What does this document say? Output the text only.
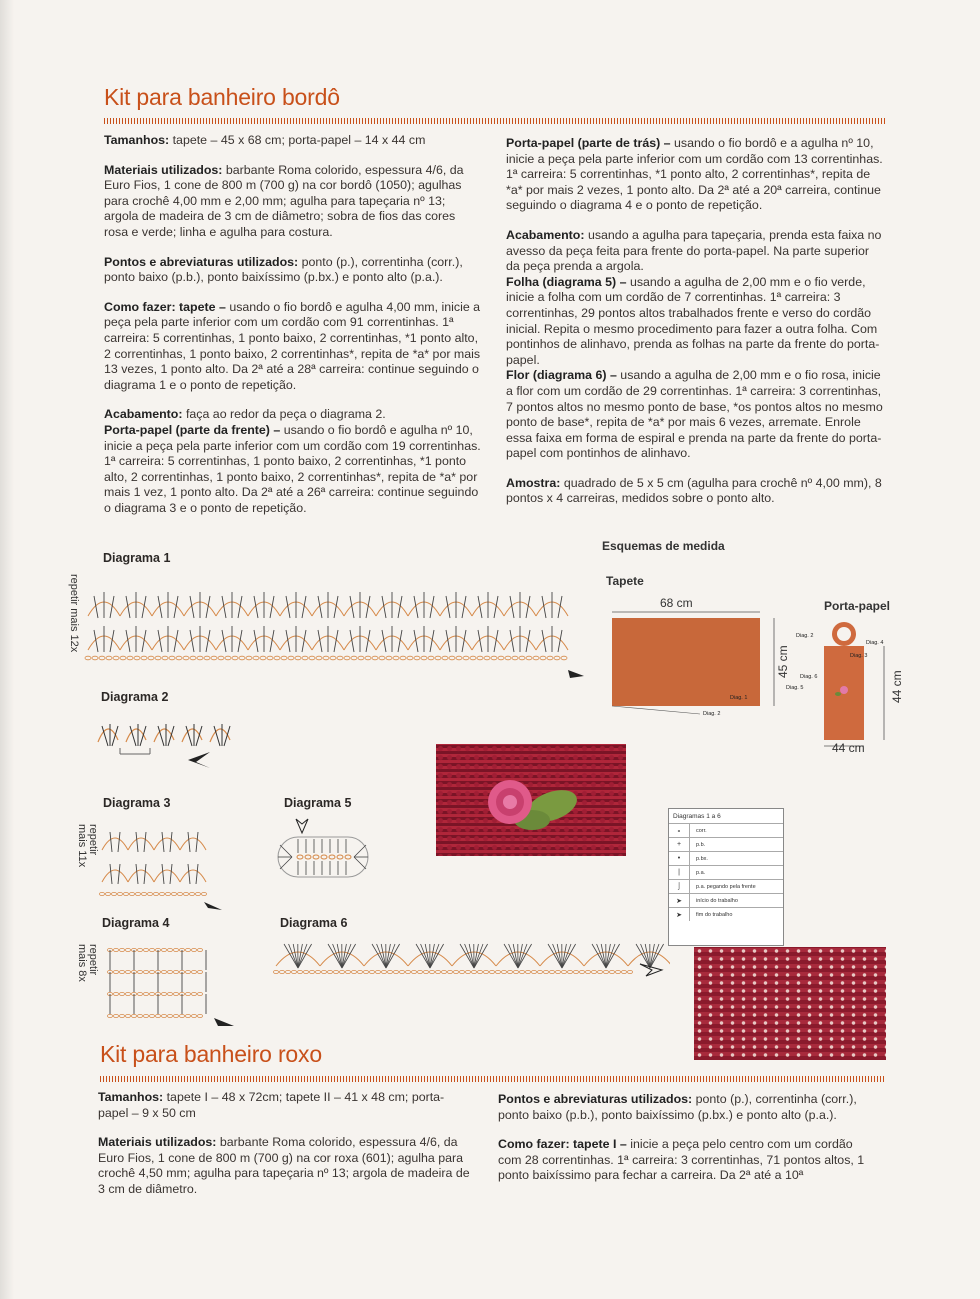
Kit para banheiro bordô

Tamanhos: tapete – 45 x 68 cm; porta-papel – 14 x 44 cm

Materiais utilizados: barbante Roma colorido, espessura 4/6, da Euro Fios, 1 cone de 800 m (700 g) na cor bordô (1050); agulhas para crochê 4,00 mm e 2,00 mm; agulha para tapeçaria nº 13; argola de madeira de 3 cm de diâmetro; sobra de fios das cores rosa e verde; linha e agulha para costura.

Pontos e abreviaturas utilizados: ponto (p.), correntinha (corr.), ponto baixo (p.b.), ponto baixíssimo (p.bx.) e ponto alto (p.a.).

Como fazer: tapete – usando o fio bordô e agulha 4,00 mm, inicie a peça pela parte inferior com um cordão com 91 correntinhas. 1ª carreira: 5 correntinhas, 1 ponto baixo, 2 correntinhas, *1 ponto alto, 2 correntinhas, 1 ponto baixo, 2 correntinhas*, repita de *a* por mais 13 vezes, 1 ponto alto. Da 2ª até a 28ª carreira: continue seguindo o diagrama 1 e o ponto de repetição.

Acabamento: faça ao redor da peça o diagrama 2.

Porta-papel (parte da frente) – usando o fio bordô e agulha nº 10, inicie a peça pela parte inferior com um cordão com 19 correntinhas. 1ª carreira: 5 correntinhas, 1 ponto baixo, 2 correntinhas, *1 ponto alto, 2 correntinhas, 1 ponto baixo, 2 correntinhas*, repita de *a* por mais 1 vez, 1 ponto alto. Da 2ª até a 26ª carreira: continue seguindo o diagrama 3 e o ponto de repetição.

Porta-papel (parte de trás) – usando o fio bordô e a agulha nº 10, inicie a peça pela parte inferior com um cordão com 13 correntinhas. 1ª carreira: 5 correntinhas, *1 ponto alto, 2 correntinhas*, repita de *a* por mais 2 vezes, 1 ponto alto. Da 2ª até a 20ª carreira, continue seguindo o diagrama 4 e o ponto de repetição.

Acabamento: usando a agulha para tapeçaria, prenda esta faixa no avesso da peça feita para frente do porta-papel. Na parte superior da peça prenda a argola.

Folha (diagrama 5) – usando a agulha de 2,00 mm e o fio verde, inicie a folha com um cordão de 7 correntinhas. 1ª carreira: 3 correntinhas, 29 pontos altos trabalhados frente e verso do cordão inicial. Repita o mesmo procedimento para fazer a outra folha. Com pontinhos de alinhavo, prenda as folhas na parte da frente do porta-papel.

Flor (diagrama 6) – usando a agulha de 2,00 mm e o fio rosa, inicie a flor com um cordão de 29 correntinhas. 1ª carreira: 3 correntinhas, 7 pontos altos no mesmo ponto de base, *os pontos altos no mesmo ponto de base*, repita de *a* por mais 6 vezes, arremate. Enrole essa faixa em forma de espiral e prenda na parte da frente do porta-papel com pontinhos de alinhavo.

Amostra: quadrado de 5 x 5 cm (agulha para crochê nº 4,00 mm), 8 pontos x 4 carreiras, medidos sobre o ponto alto.

Diagrama 1
Diagrama 2
Diagrama 3	Diagrama 5
Diagrama 4	Diagrama 6
repetir mais 12x
repetir mais 11x
repetir mais 8x
Esquemas de medida
Tapete
68 cm
45 cm
Diag. 1
Diag. 2
Porta-papel
Diag. 2
Diag. 4
Diag. 3
Diag. 6
Diag. 5
44 cm
44 cm
Diagramas 1 a 6
∘	corr.
+	p.b.
•	p.bx.
|	p.a.
⌡	p.a. pegando pela frente
➤	início do trabalho
➤	fim do trabalho
Kit para banheiro roxo

Tamanhos: tapete I – 48 x 72cm; tapete II – 41 x 48 cm; porta-papel – 9 x 50 cm

Materiais utilizados: barbante Roma colorido, espessura 4/6, da Euro Fios, 1 cone de 800 m (700 g) na cor roxa (601); agulha para crochê 4,50 mm; agulha para tapeçaria nº 13; argola de madeira de 3 cm de diâmetro.

Pontos e abreviaturas utilizados: ponto (p.), correntinha (corr.), ponto baixo (p.b.), ponto baixíssimo (p.bx.) e ponto alto (p.a.).

Como fazer: tapete I – inicie a peça pelo centro com um cordão com 28 correntinhas. 1ª carreira: 3 correntinhas, 71 pontos altos, 1 ponto baixíssimo para fechar a carreira. Da 2ª até a 10ª
